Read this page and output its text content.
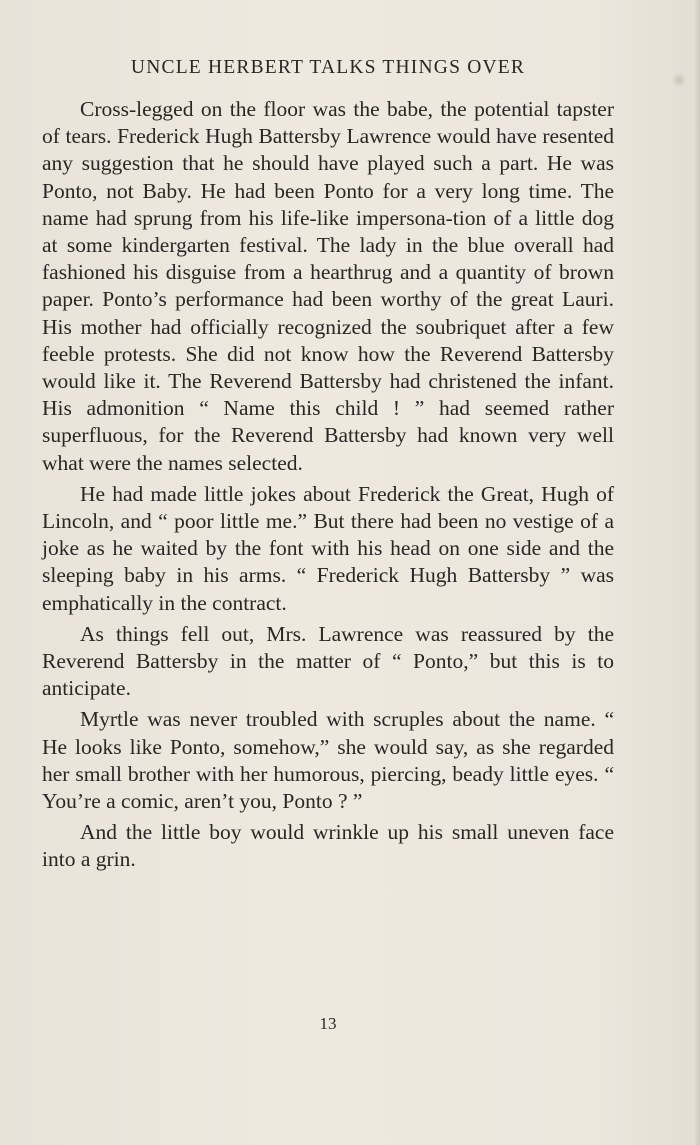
UNCLE HERBERT TALKS THINGS OVER

Cross-legged on the floor was the babe, the potential tapster of tears. Frederick Hugh Battersby Lawrence would have resented any suggestion that he should have played such a part. He was Ponto, not Baby. He had been Ponto for a very long time. The name had sprung from his life-like impersona-tion of a little dog at some kindergarten festival. The lady in the blue overall had fashioned his disguise from a hearthrug and a quantity of brown paper. Ponto’s performance had been worthy of the great Lauri. His mother had officially recognized the soubriquet after a few feeble protests. She did not know how the Reverend Battersby would like it. The Reverend Battersby had christened the infant. His admonition “ Name this child ! ” had seemed rather superfluous, for the Reverend Battersby had known very well what were the names selected.

He had made little jokes about Frederick the Great, Hugh of Lincoln, and “ poor little me.” But there had been no vestige of a joke as he waited by the font with his head on one side and the sleeping baby in his arms. “ Frederick Hugh Battersby ” was emphatically in the contract.

As things fell out, Mrs. Lawrence was reassured by the Reverend Battersby in the matter of “ Ponto,” but this is to anticipate.

Myrtle was never troubled with scruples about the name. “ He looks like Ponto, somehow,” she would say, as she regarded her small brother with her humorous, piercing, beady little eyes. “ You’re a comic, aren’t you, Ponto ? ”

And the little boy would wrinkle up his small uneven face into a grin.

13
